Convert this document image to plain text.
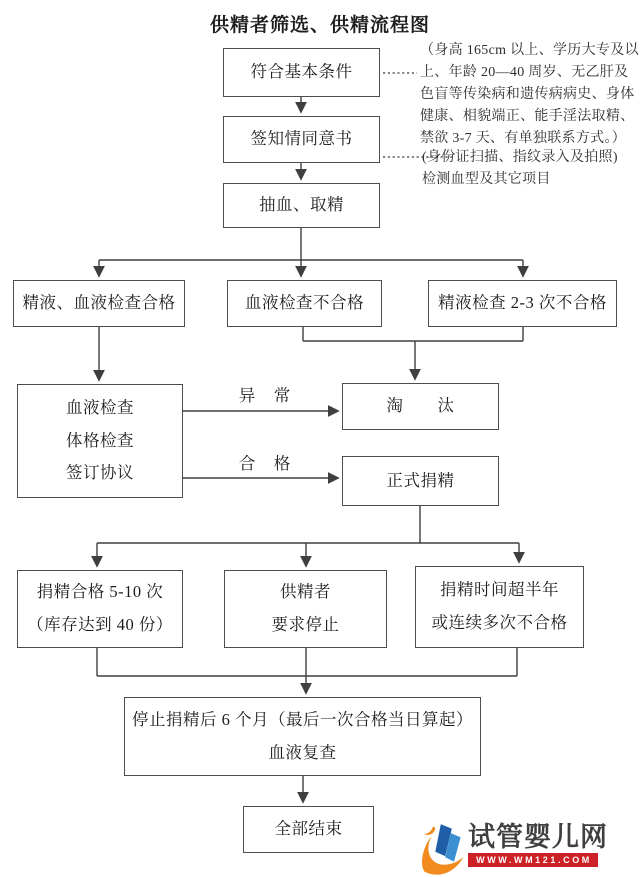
供精者筛选、供精流程图
（身高 165cm 以上、学历大专及以
上、年龄 20—40 周岁、无乙肝及
色盲等传染病和遗传病病史、身体
健康、相貌端正、能手淫法取精、
禁欲 3-7 天、有单独联系方式。）
(身份证扫描、指纹录入及拍照)
检测血型及其它项目
符合基本条件
签知情同意书
抽血、取精
精液、血液检查合格	血液检查不合格	精液检查 2-3 次不合格
血液检查
体格检查
签订协议
异　常
合　格
淘　　汰
正式捐精
捐精合格 5-10 次
（库存达到 40 份）
供精者
要求停止
捐精时间超半年
或连续多次不合格
停止捐精后 6 个月（最后一次合格当日算起）
血液复查
全部结束	试管婴儿网
WWW.WM121.COM
